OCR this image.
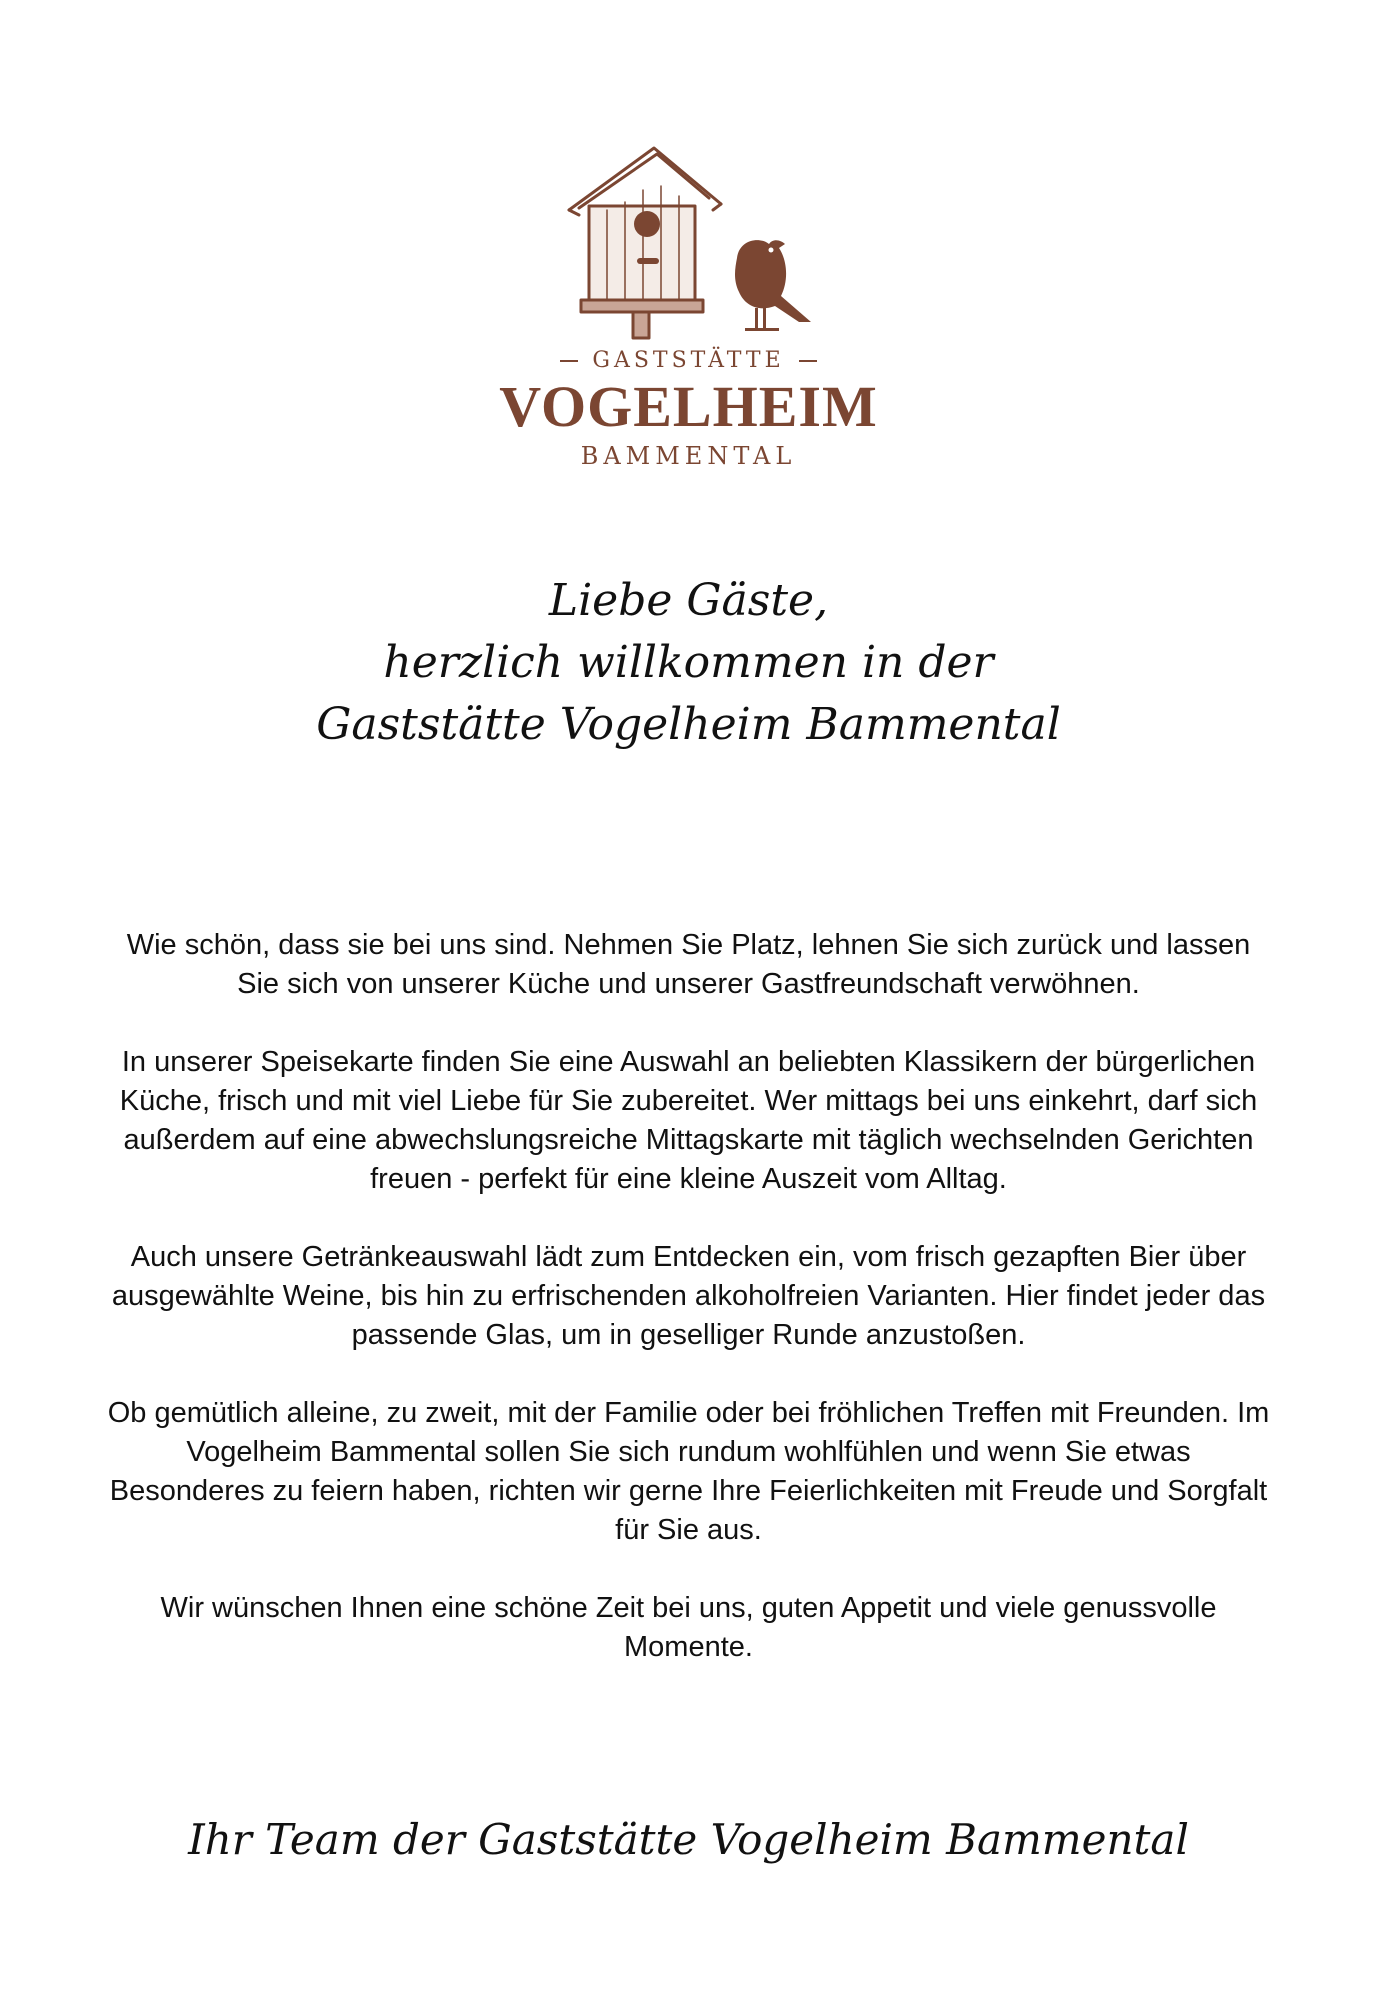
GASTSTÄTTE
VOGELHEIM
BAMMENTAL
Liebe Gäste,
herzlich willkommen in der
Gaststätte Vogelheim Bammental

Wie schön, dass sie bei uns sind. Nehmen Sie Platz, lehnen Sie sich zurück und lassen Sie sich von unserer Küche und unserer Gastfreundschaft verwöhnen.

In unserer Speisekarte finden Sie eine Auswahl an beliebten Klassikern der bürgerlichen Küche, frisch und mit viel Liebe für Sie zubereitet. Wer mittags bei uns einkehrt, darf sich außerdem auf eine abwechslungsreiche Mittagskarte mit täglich wechselnden Gerichten freuen - perfekt für eine kleine Auszeit vom Alltag.

Auch unsere Getränkeauswahl lädt zum Entdecken ein, vom frisch gezapften Bier über ausgewählte Weine, bis hin zu erfrischenden alkoholfreien Varianten. Hier findet jeder das passende Glas, um in geselliger Runde anzustoßen.

Ob gemütlich alleine, zu zweit, mit der Familie oder bei fröhlichen Treffen mit Freunden. Im Vogelheim Bammental sollen Sie sich rundum wohlfühlen und wenn Sie etwas Besonderes zu feiern haben, richten wir gerne Ihre Feierlichkeiten mit Freude und Sorgfalt für Sie aus.

Wir wünschen Ihnen eine schöne Zeit bei uns, guten Appetit und viele genussvolle Momente.

Ihr Team der Gaststätte Vogelheim Bammental
